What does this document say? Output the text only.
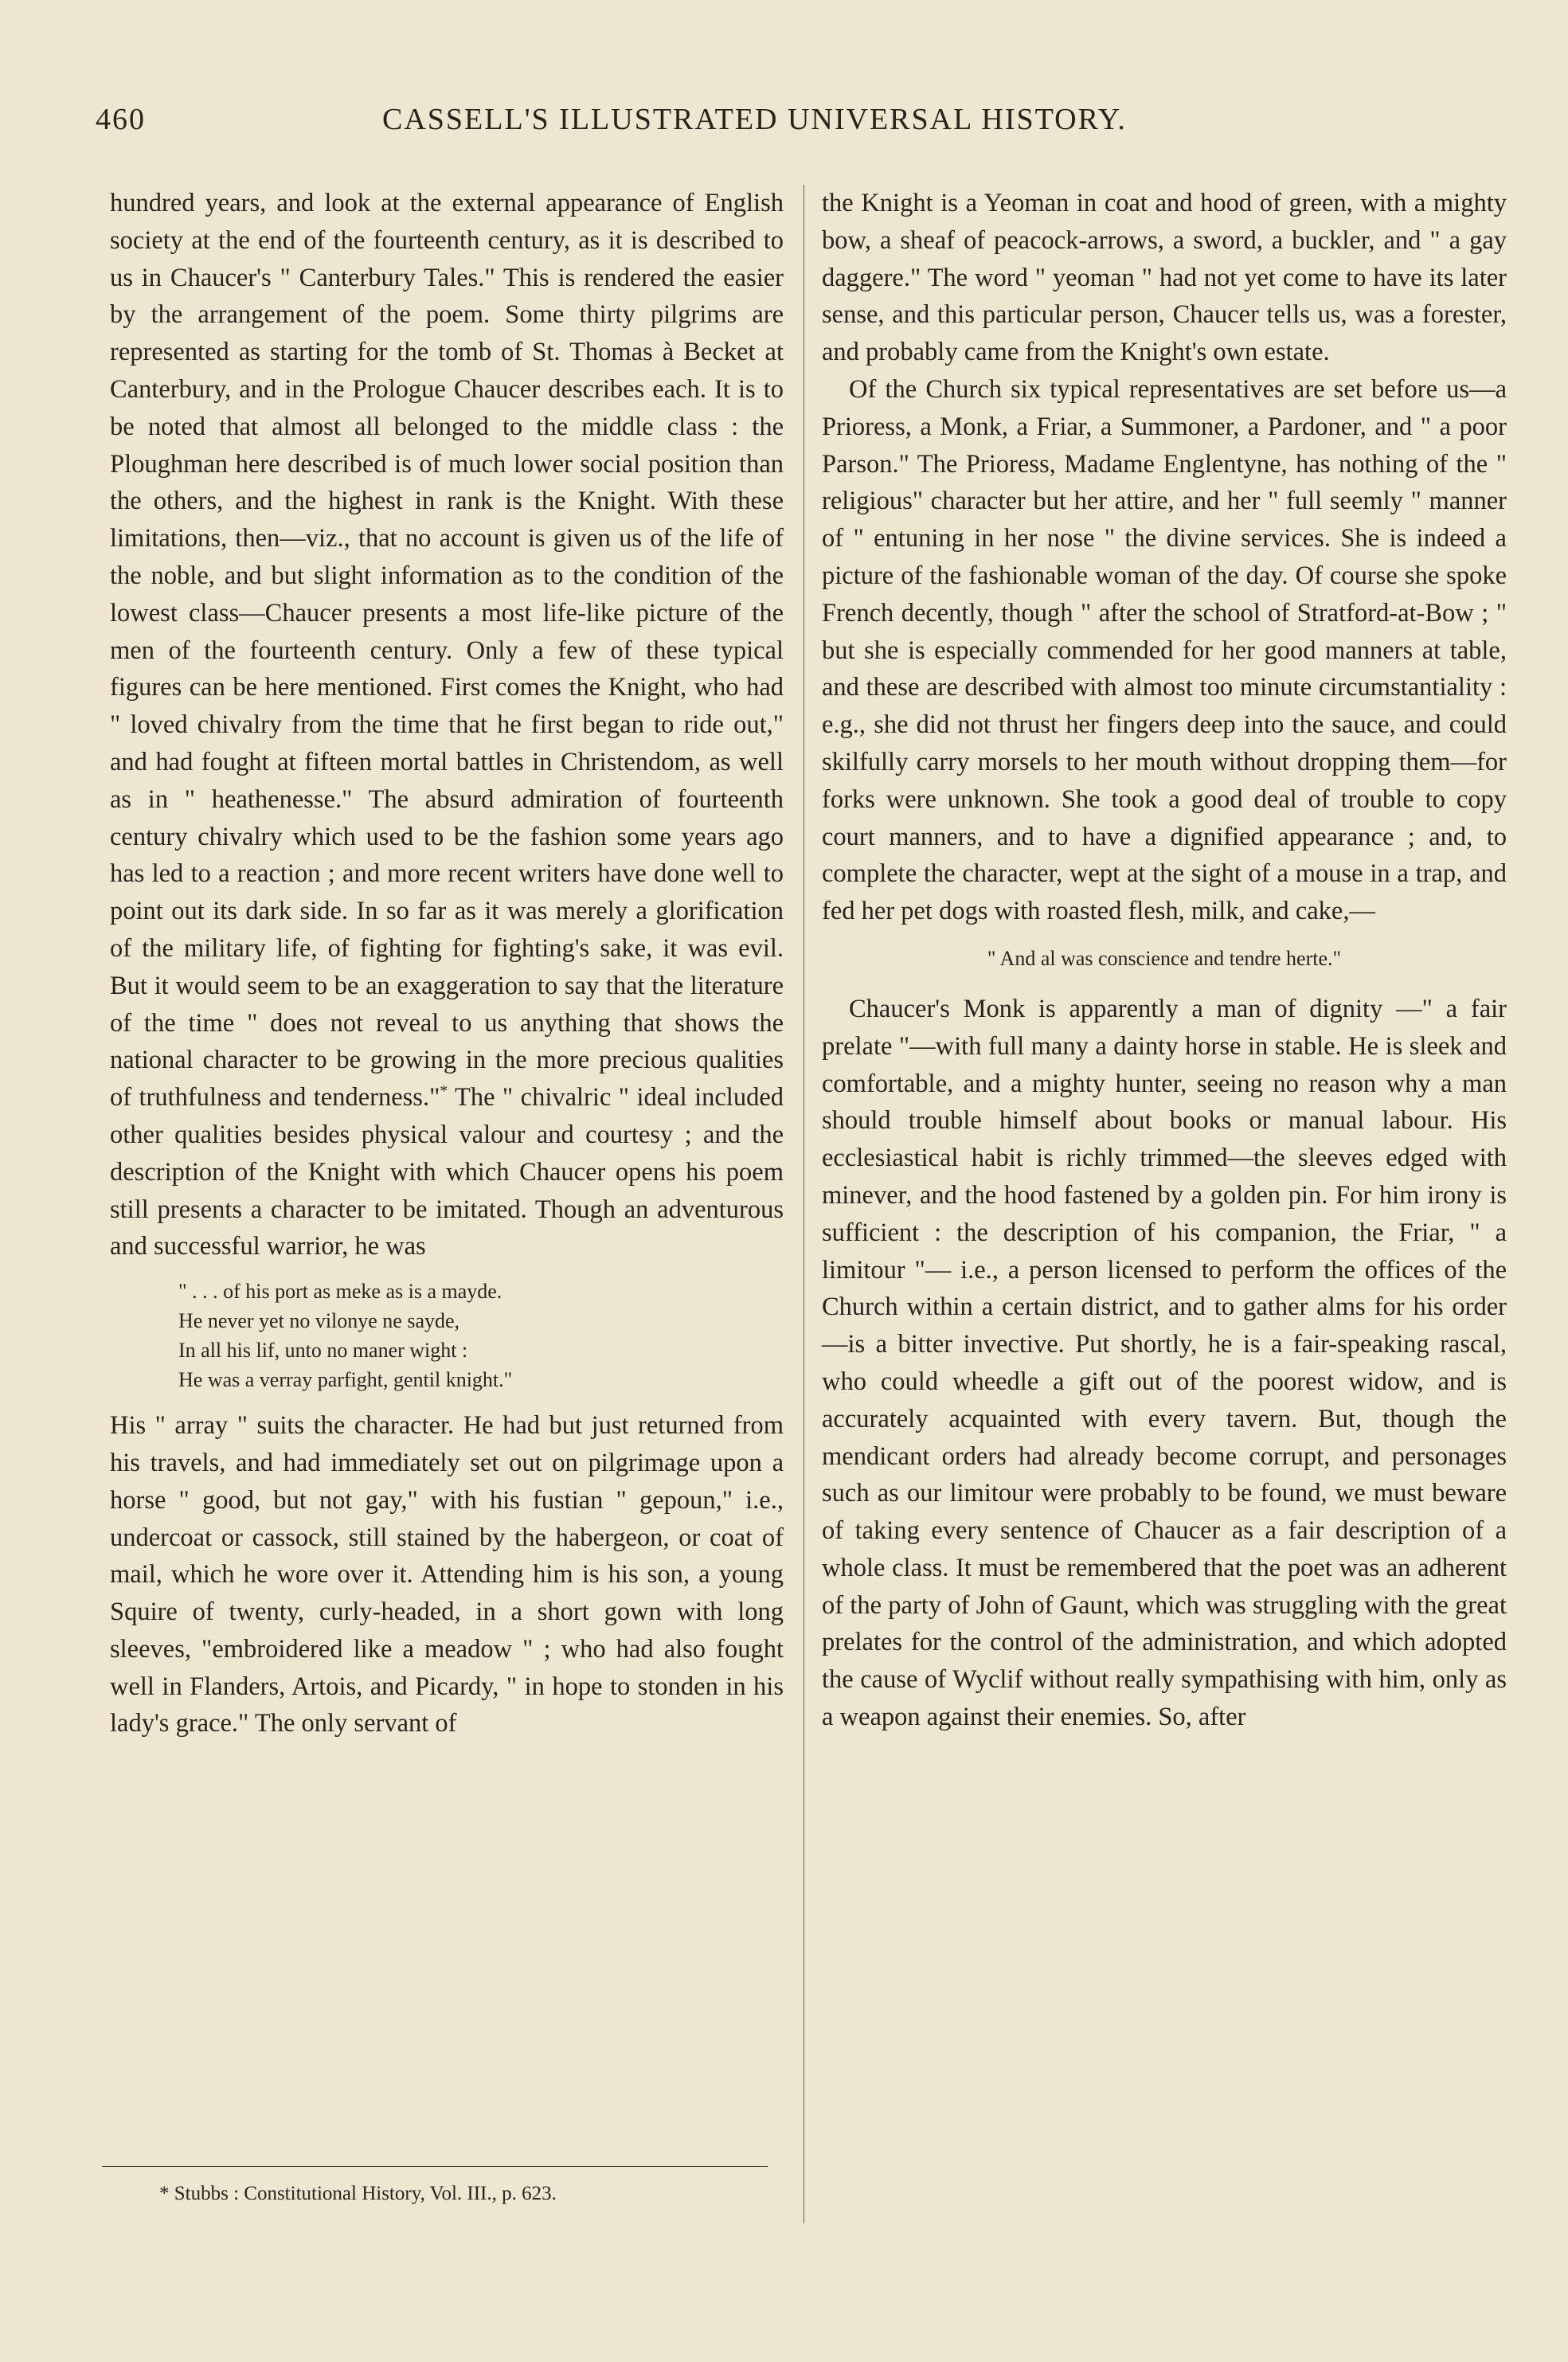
460	CASSELL'S ILLUSTRATED UNIVERSAL HISTORY.

hundred years, and look at the external appearance of English society at the end of the fourteenth century, as it is described to us in Chaucer's " Canterbury Tales." This is rendered the easier by the arrangement of the poem. Some thirty pilgrims are represented as starting for the tomb of St. Thomas à Becket at Canterbury, and in the Prologue Chaucer describes each. It is to be noted that almost all belonged to the middle class : the Ploughman here described is of much lower social position than the others, and the highest in rank is the Knight. With these limitations, then—viz., that no account is given us of the life of the noble, and but slight information as to the condition of the lowest class—Chaucer presents a most life-like picture of the men of the fourteenth century. Only a few of these typical figures can be here mentioned. First comes the Knight, who had " loved chivalry from the time that he first began to ride out," and had fought at fifteen mortal battles in Christendom, as well as in " heathenesse." The absurd admiration of fourteenth century chivalry which used to be the fashion some years ago has led to a reaction ; and more recent writers have done well to point out its dark side. In so far as it was merely a glorification of the military life, of fighting for fighting's sake, it was evil. But it would seem to be an exaggeration to say that the literature of the time " does not reveal to us anything that shows the national character to be growing in the more precious qualities of truthfulness and tenderness."* The " chivalric " ideal included other qualities besides physical valour and courtesy ; and the description of the Knight with which Chaucer opens his poem still presents a character to be imitated. Though an adventurous and successful warrior, he was

" . . . of his port as meke as is a mayde.
He never yet no vilonye ne sayde,
In all his lif, unto no maner wight :
He was a verray parfight, gentil knight."

His " array " suits the character. He had but just returned from his travels, and had immediately set out on pilgrimage upon a horse " good, but not gay," with his fustian " gepoun," i.e., undercoat or cassock, still stained by the habergeon, or coat of mail, which he wore over it. Attending him is his son, a young Squire of twenty, curly-headed, in a short gown with long sleeves, "embroidered like a meadow " ; who had also fought well in Flanders, Artois, and Picardy, " in hope to stonden in his lady's grace." The only servant of

the Knight is a Yeoman in coat and hood of green, with a mighty bow, a sheaf of peacock-arrows, a sword, a buckler, and " a gay daggere." The word " yeoman " had not yet come to have its later sense, and this particular person, Chaucer tells us, was a forester, and probably came from the Knight's own estate.

Of the Church six typical representatives are set before us—a Prioress, a Monk, a Friar, a Summoner, a Pardoner, and " a poor Parson." The Prioress, Madame Englentyne, has nothing of the " religious" character but her attire, and her " full seemly " manner of " entuning in her nose " the divine services. She is indeed a picture of the fashionable woman of the day. Of course she spoke French decently, though " after the school of Stratford-at-Bow ; " but she is especially commended for her good manners at table, and these are described with almost too minute circumstantiality : e.g., she did not thrust her fingers deep into the sauce, and could skilfully carry morsels to her mouth without dropping them—for forks were unknown. She took a good deal of trouble to copy court manners, and to have a dignified appearance ; and, to complete the character, wept at the sight of a mouse in a trap, and fed her pet dogs with roasted flesh, milk, and cake,—

" And al was conscience and tendre herte."

Chaucer's Monk is apparently a man of dignity —" a fair prelate "—with full many a dainty horse in stable. He is sleek and comfortable, and a mighty hunter, seeing no reason why a man should trouble himself about books or manual labour. His ecclesiastical habit is richly trimmed—the sleeves edged with minever, and the hood fastened by a golden pin. For him irony is sufficient : the description of his companion, the Friar, " a limitour "— i.e., a person licensed to perform the offices of the Church within a certain district, and to gather alms for his order—is a bitter invective. Put shortly, he is a fair-speaking rascal, who could wheedle a gift out of the poorest widow, and is accurately acquainted with every tavern. But, though the mendicant orders had already become corrupt, and personages such as our limitour were probably to be found, we must beware of taking every sentence of Chaucer as a fair description of a whole class. It must be remembered that the poet was an adherent of the party of John of Gaunt, which was struggling with the great prelates for the control of the administration, and which adopted the cause of Wyclif without really sympathising with him, only as a weapon against their enemies. So, after

* Stubbs : Constitutional History, Vol. III., p. 623.
